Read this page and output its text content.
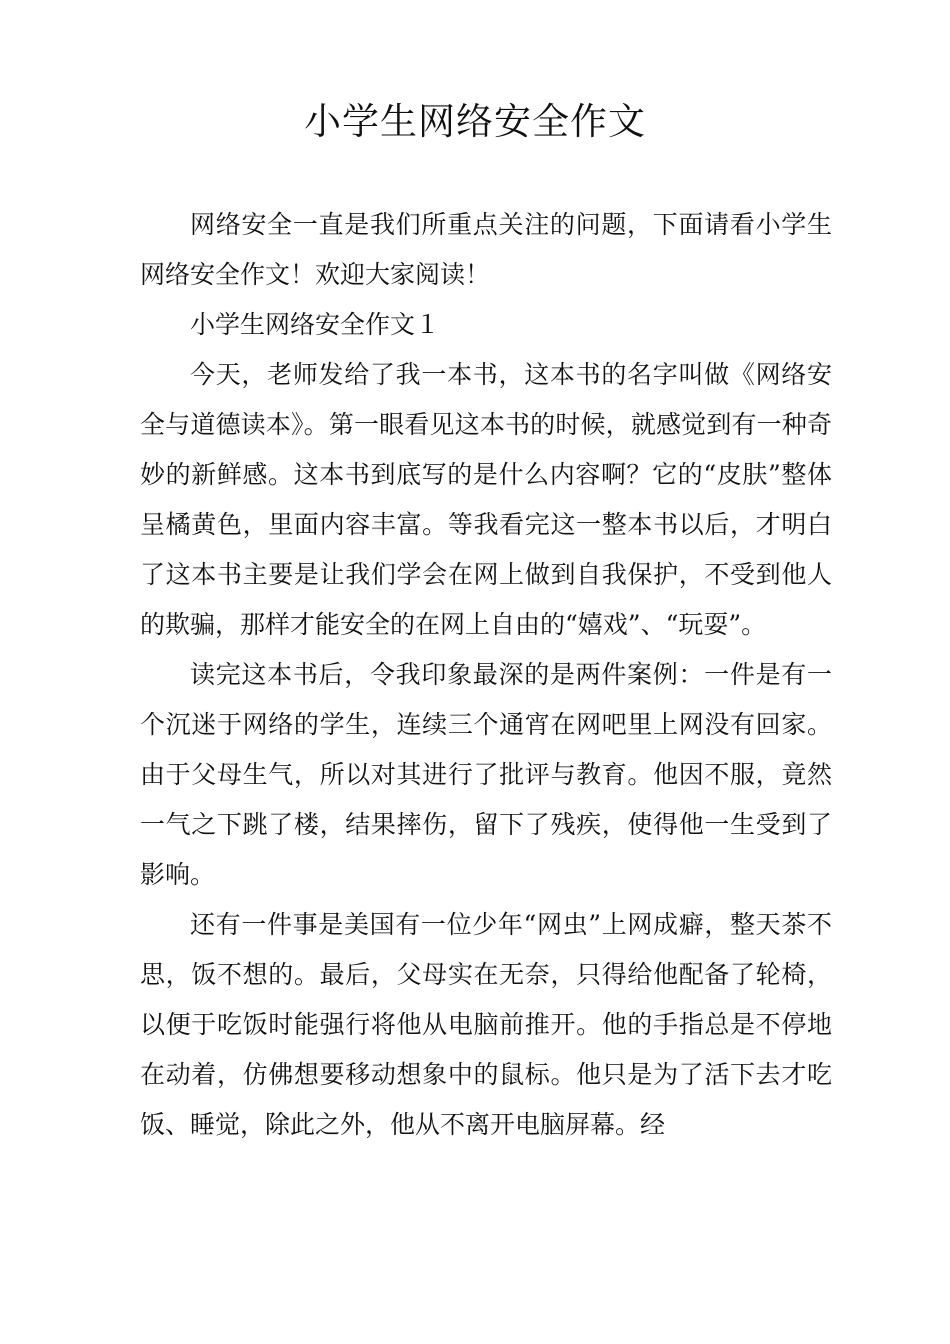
小学生网络安全作文

网络安全一直是我们所重点关注的问题，下面请看小学生网络安全作文！欢迎大家阅读！

小学生网络安全作文１

今天，老师发给了我一本书，这本书的名字叫做《网络安全与道德读本》。第一眼看见这本书的时候，就感觉到有一种奇妙的新鲜感。这本书到底写的是什么内容啊？它的“皮肤”整体呈橘黄色，里面内容丰富。等我看完这一整本书以后，才明白了这本书主要是让我们学会在网上做到自我保护，不受到他人的欺骗，那样才能安全的在网上自由的“嬉戏”、“玩耍”。

读完这本书后，令我印象最深的是两件案例：一件是有一个沉迷于网络的学生，连续三个通宵在网吧里上网没有回家。由于父母生气，所以对其进行了批评与教育。他因不服，竟然一气之下跳了楼，结果摔伤，留下了残疾，使得他一生受到了影响。

还有一件事是美国有一位少年“网虫”上网成癖，整天茶不思，饭不想的。最后，父母实在无奈，只得给他配备了轮椅，以便于吃饭时能强行将他从电脑前推开。他的手指总是不停地在动着，仿佛想要移动想象中的鼠标。他只是为了活下去才吃饭、睡觉，除此之外，他从不离开电脑屏幕。经
